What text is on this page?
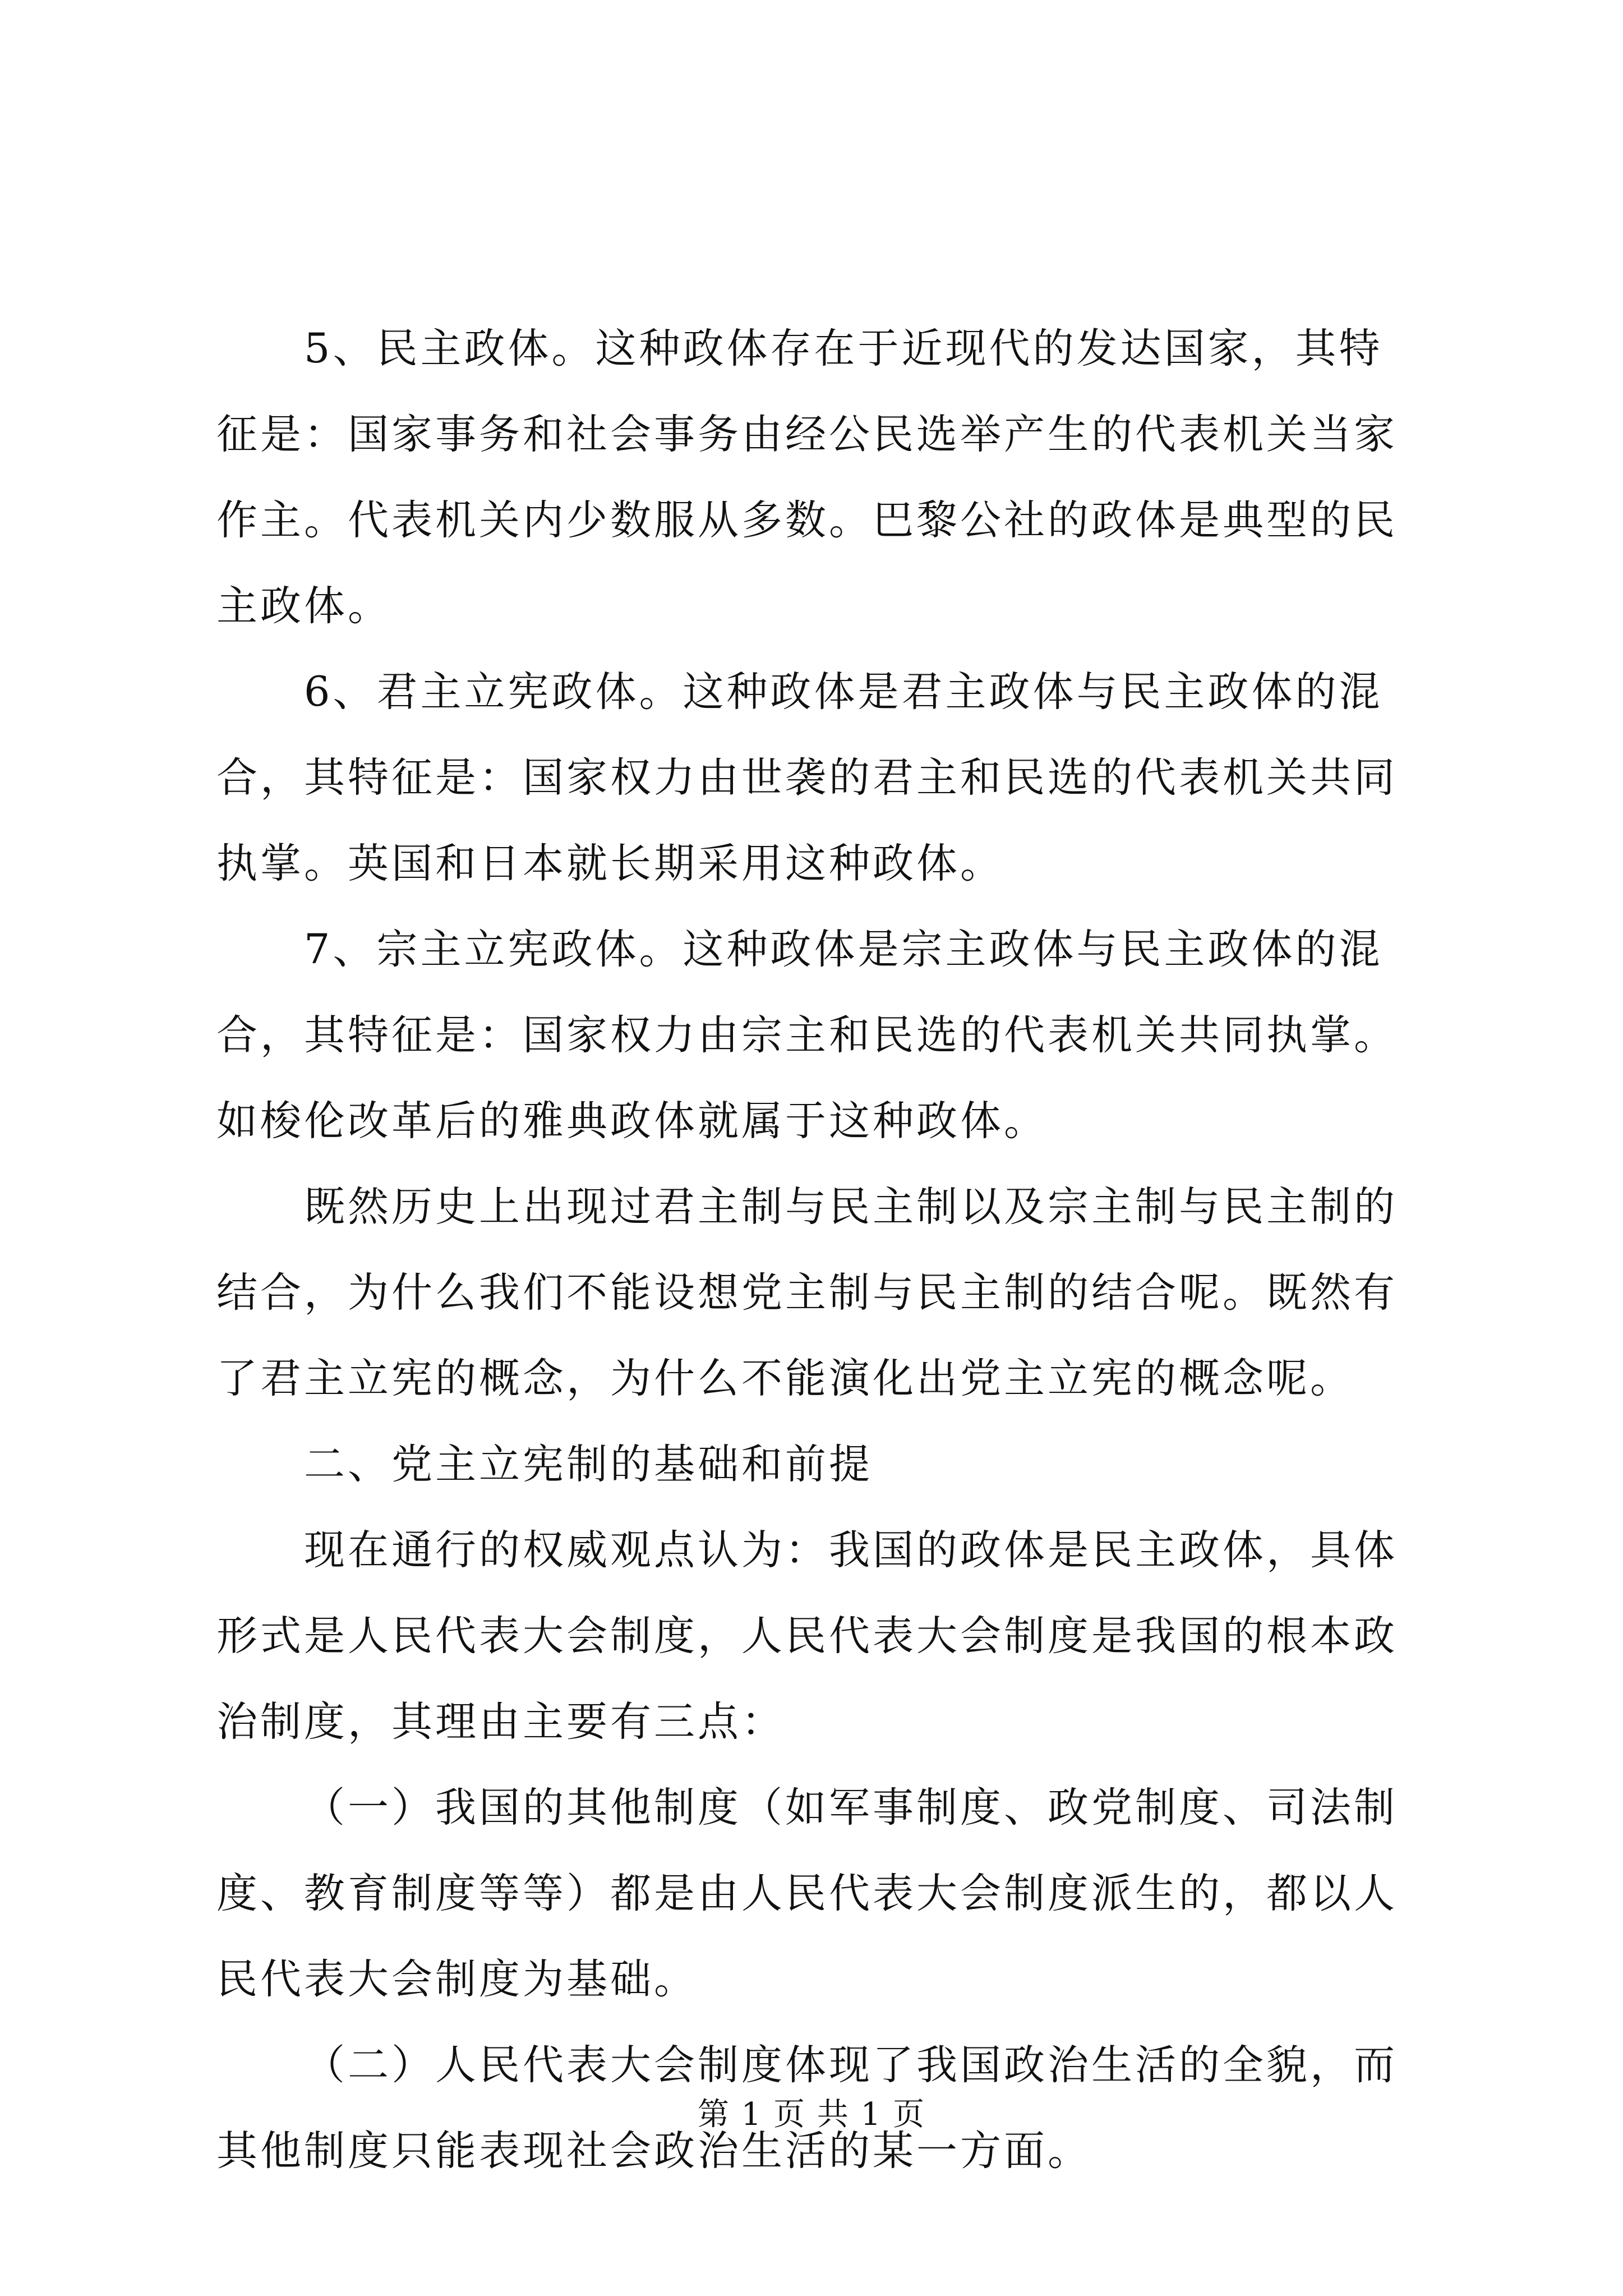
5、民主政体。这种政体存在于近现代的发达国家，其特征是：国家事务和社会事务由经公民选举产生的代表机关当家作主。代表机关内少数服从多数。巴黎公社的政体是典型的民主政体。

6、君主立宪政体。这种政体是君主政体与民主政体的混合，其特征是：国家权力由世袭的君主和民选的代表机关共同执掌。英国和日本就长期采用这种政体。

7、宗主立宪政体。这种政体是宗主政体与民主政体的混合，其特征是：国家权力由宗主和民选的代表机关共同执掌。如梭伦改革后的雅典政体就属于这种政体。

既然历史上出现过君主制与民主制以及宗主制与民主制的结合，为什么我们不能设想党主制与民主制的结合呢。既然有了君主立宪的概念，为什么不能演化出党主立宪的概念呢。

二、党主立宪制的基础和前提

现在通行的权威观点认为：我国的政体是民主政体，具体形式是人民代表大会制度，人民代表大会制度是我国的根本政治制度，其理由主要有三点：

（一）我国的其他制度（如军事制度、政党制度、司法制度、教育制度等等）都是由人民代表大会制度派生的，都以人民代表大会制度为基础。

（二）人民代表大会制度体现了我国政治生活的全貌，而其他制度只能表现社会政治生活的某一方面。

第 1 页 共 1 页
